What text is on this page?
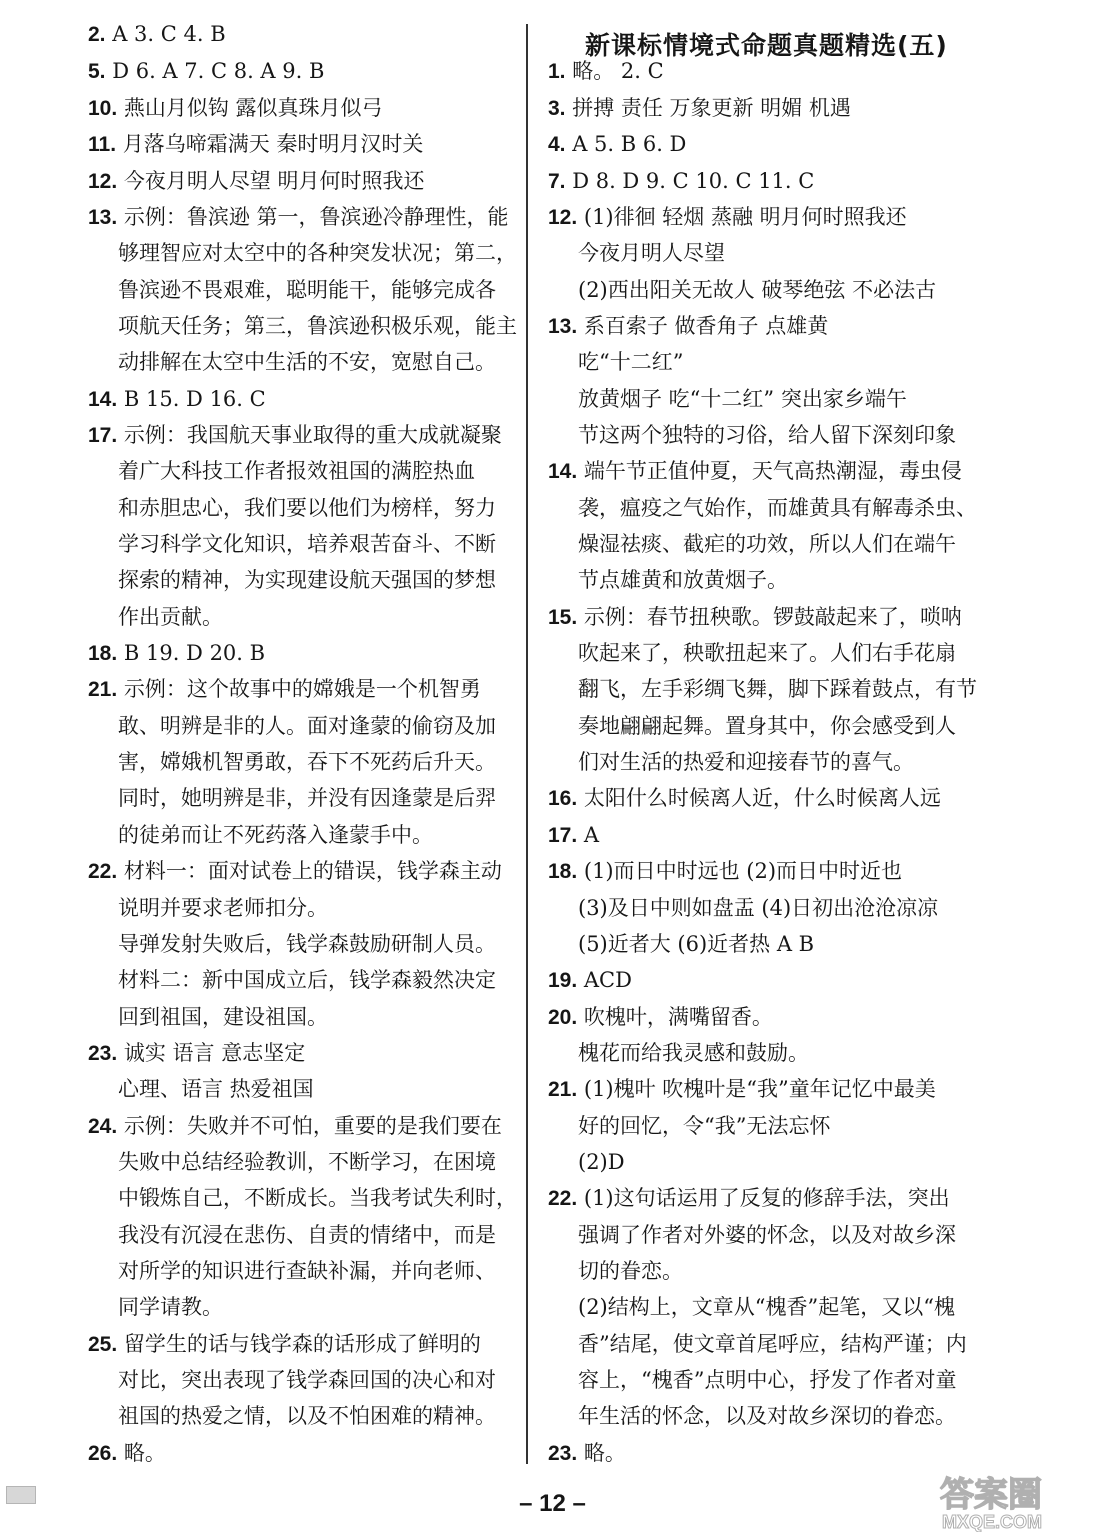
新课标情境式命题真题精选(五)
2. A 3. C 4. B
5. D 6. A 7. C 8. A 9. B
10. 燕山月似钩 露似真珠月似弓
11. 月落乌啼霜满天 秦时明月汉时关
12. 今夜月明人尽望 明月何时照我还
13. 示例：鲁滨逊 第一，鲁滨逊冷静理性，能
够理智应对太空中的各种突发状况；第二，
鲁滨逊不畏艰难，聪明能干，能够完成各
项航天任务；第三，鲁滨逊积极乐观，能主
动排解在太空中生活的不安，宽慰自己。
14. B 15. D 16. C
17. 示例：我国航天事业取得的重大成就凝聚
着广大科技工作者报效祖国的满腔热血
和赤胆忠心，我们要以他们为榜样，努力
学习科学文化知识，培养艰苦奋斗、不断
探索的精神，为实现建设航天强国的梦想
作出贡献。
18. B 19. D 20. B
21. 示例：这个故事中的嫦娥是一个机智勇
敢、明辨是非的人。面对逢蒙的偷窃及加
害，嫦娥机智勇敢，吞下不死药后升天。
同时，她明辨是非，并没有因逢蒙是后羿
的徒弟而让不死药落入逢蒙手中。
22. 材料一：面对试卷上的错误，钱学森主动
说明并要求老师扣分。
导弹发射失败后，钱学森鼓励研制人员。
材料二：新中国成立后，钱学森毅然决定
回到祖国，建设祖国。
23. 诚实 语言 意志坚定
心理、语言 热爱祖国
24. 示例：失败并不可怕，重要的是我们要在
失败中总结经验教训，不断学习，在困境
中锻炼自己，不断成长。当我考试失利时，
我没有沉浸在悲伤、自责的情绪中，而是
对所学的知识进行查缺补漏，并向老师、
同学请教。
25. 留学生的话与钱学森的话形成了鲜明的
对比，突出表现了钱学森回国的决心和对
祖国的热爱之情，以及不怕困难的精神。
26. 略。
1. 略。 2. C
3. 拼搏 责任 万象更新 明媚 机遇
4. A 5. B 6. D
7. D 8. D 9. C 10. C 11. C
12. (1)徘徊 轻烟 蒸融 明月何时照我还
今夜月明人尽望
(2)西出阳关无故人 破琴绝弦 不必法古
13. 系百索子 做香角子 点雄黄
吃“十二红”
放黄烟子 吃“十二红” 突出家乡端午
节这两个独特的习俗，给人留下深刻印象
14. 端午节正值仲夏，天气高热潮湿，毒虫侵
袭，瘟疫之气始作，而雄黄具有解毒杀虫、
燥湿祛痰、截疟的功效，所以人们在端午
节点雄黄和放黄烟子。
15. 示例：春节扭秧歌。锣鼓敲起来了，唢呐
吹起来了，秧歌扭起来了。人们右手花扇
翻飞，左手彩绸飞舞，脚下踩着鼓点，有节
奏地翩翩起舞。置身其中，你会感受到人
们对生活的热爱和迎接春节的喜气。
16. 太阳什么时候离人近，什么时候离人远
17. A
18. (1)而日中时远也 (2)而日中时近也
(3)及日中则如盘盂 (4)日初出沧沧凉凉
(5)近者大 (6)近者热 A B
19. ACD
20. 吹槐叶，满嘴留香。
槐花而给我灵感和鼓励。
21. (1)槐叶 吹槐叶是“我”童年记忆中最美
好的回忆，令“我”无法忘怀
(2)D
22. (1)这句话运用了反复的修辞手法，突出
强调了作者对外婆的怀念，以及对故乡深
切的眷恋。
(2)结构上，文章从“槐香”起笔，又以“槐
香”结尾，使文章首尾呼应，结构严谨；内
容上，“槐香”点明中心，抒发了作者对童
年生活的怀念，以及对故乡深切的眷恋。
23. 略。
– 12 –	答案圈
MXQE.COM
